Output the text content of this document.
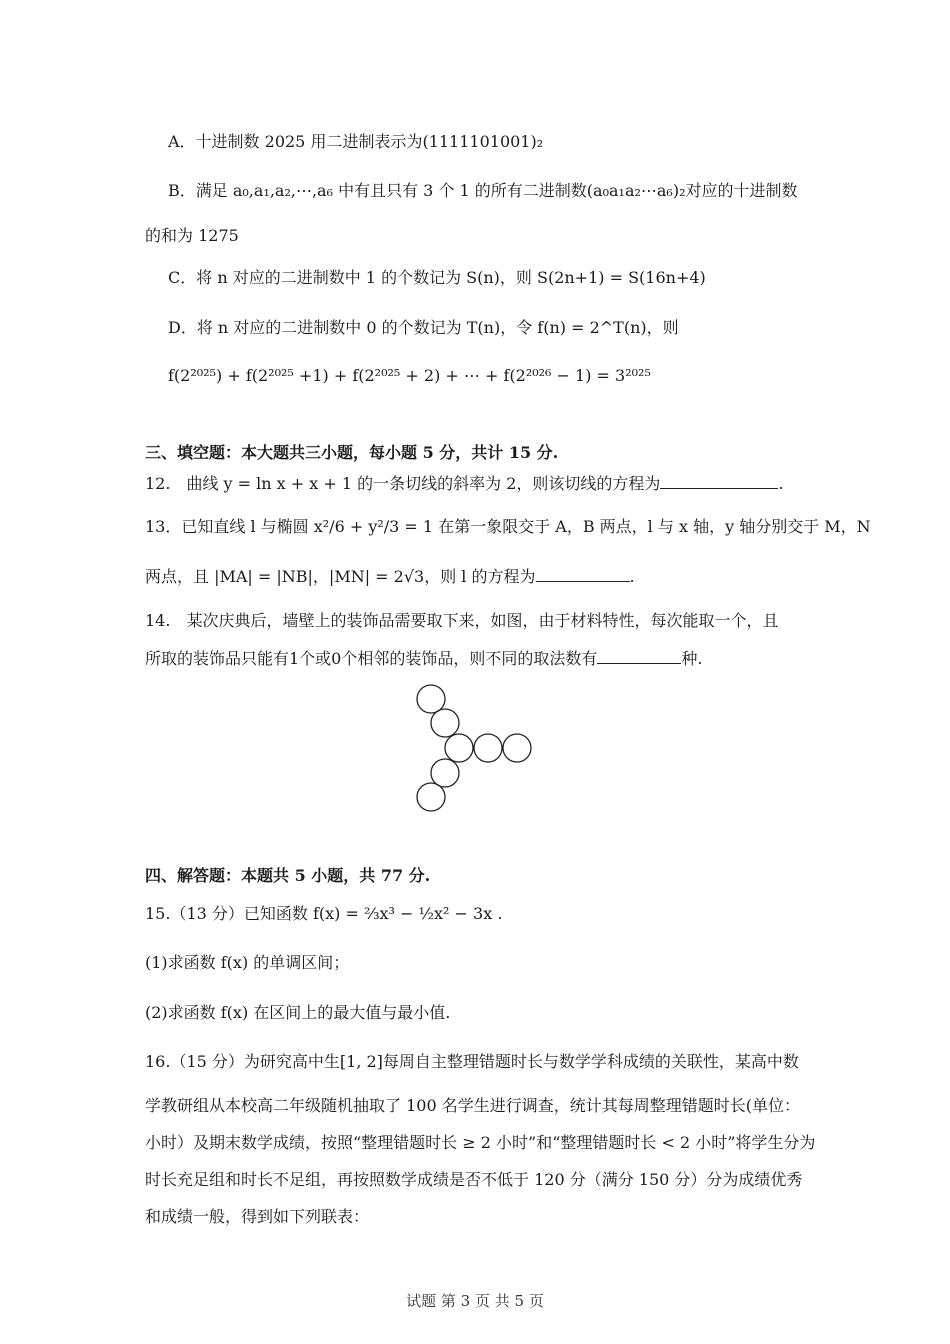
A．十进制数 2025 用二进制表示为(1111101001)₂
B．满足 a₀,a₁,a₂,⋯,a₆ 中有且只有 3 个 1 的所有二进制数(a₀a₁a₂⋯a₆)₂对应的十进制数
的和为 1275
C．将 n 对应的二进制数中 1 的个数记为 S(n)，则 S(2n+1) = S(16n+4)
D．将 n 对应的二进制数中 0 的个数记为 T(n)，令 f(n) = 2^T(n)，则
f(2²⁰²⁵) + f(2²⁰²⁵ +1) + f(2²⁰²⁵ + 2) + ⋯ + f(2²⁰²⁶ − 1) = 3²⁰²⁵
三、填空题：本大题共三小题，每小题 5 分，共计 15 分.
12.　曲线 y = ln x + x + 1 的一条切线的斜率为 2，则该切线的方程为	.
13．已知直线 l 与椭圆 x²/6 + y²/3 = 1 在第一象限交于 A，B 两点，l 与 x 轴，y 轴分别交于 M，N
两点，且 |MA| = |NB|，|MN| = 2√3，则 l 的方程为	.
14.　某次庆典后，墙壁上的装饰品需要取下来，如图，由于材料特性，每次能取一个，且
所取的装饰品只能有1个或0个相邻的装饰品，则不同的取法数有	种.
四、解答题：本题共 5 小题，共 77 分.
15.（13 分）已知函数 f(x) = ⅔x³ − ½x² − 3x .
(1)求函数 f(x) 的单调区间；
(2)求函数 f(x) 在区间上的最大值与最小值.
16.（15 分）为研究高中生[1, 2]每周自主整理错题时长与数学学科成绩的关联性，某高中数
学教研组从本校高二年级随机抽取了 100 名学生进行调查，统计其每周整理错题时长(单位：
小时）及期末数学成绩，按照“整理错题时长 ≥ 2 小时”和“整理错题时长 < 2 小时”将学生分为
时长充足组和时长不足组，再按照数学成绩是否不低于 120 分（满分 150 分）分为成绩优秀
和成绩一般，得到如下列联表：
试题 第 3 页 共 5 页
